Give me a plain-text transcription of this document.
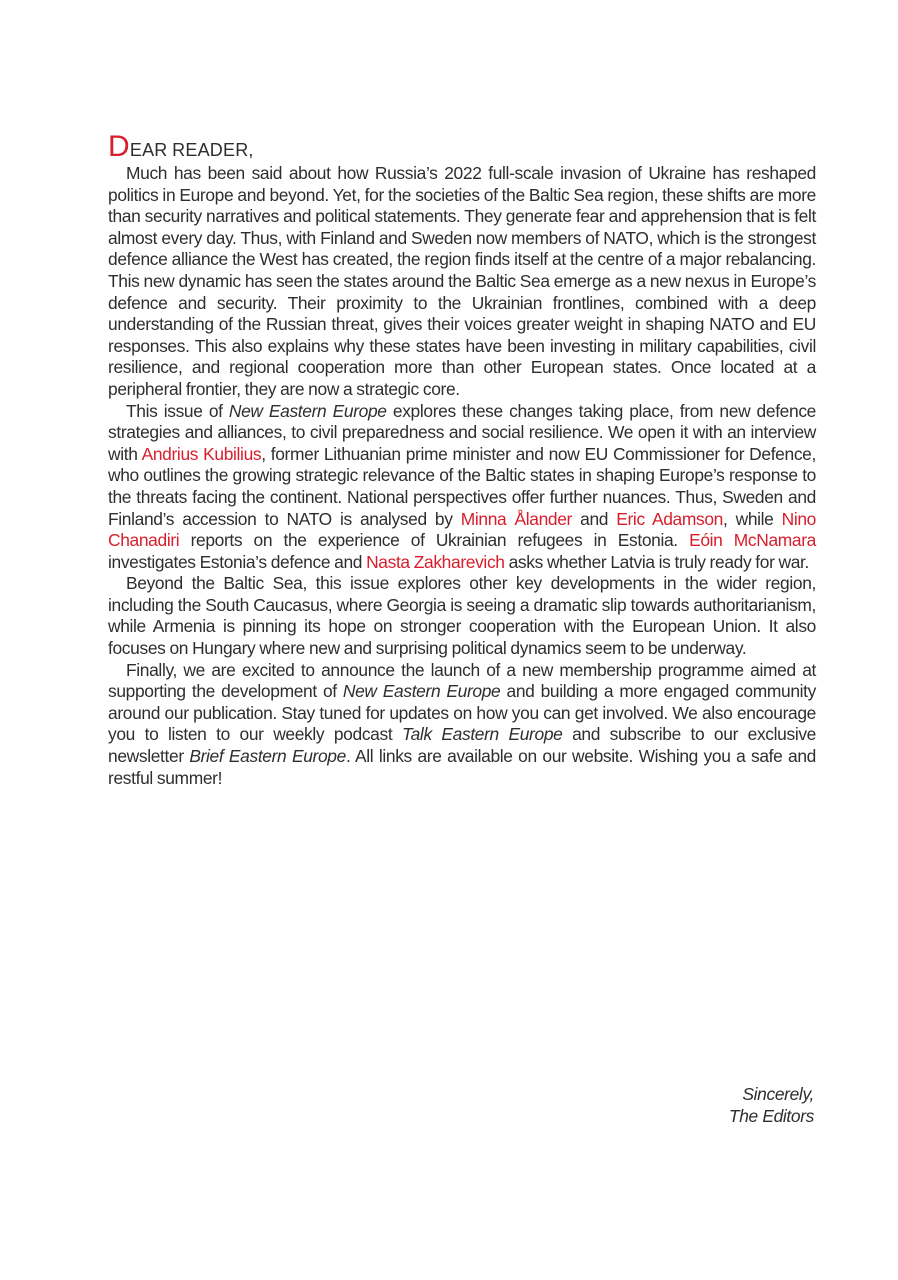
DEAR READER,

Much has been said about how Russia’s 2022 full-scale invasion of Ukraine has reshaped politics in Europe and beyond. Yet, for the societies of the Baltic Sea region, these shifts are more than security narratives and political statements. They generate fear and apprehension that is felt almost every day. Thus, with Finland and Sweden now members of NATO, which is the strongest defence alliance the West has created, the region finds itself at the centre of a major rebalancing. This new dynamic has seen the states around the Baltic Sea emerge as a new nexus in Europe’s defence and security. Their proximity to the Ukrainian frontlines, combined with a deep understanding of the Russian threat, gives their voices greater weight in shaping NATO and EU responses. This also explains why these states have been investing in military capabilities, civil resilience, and regional cooperation more than other European states. Once located at a peripheral frontier, they are now a strategic core.

This issue of New Eastern Europe explores these changes taking place, from new defence strategies and alliances, to civil preparedness and social resilience. We open it with an interview with Andrius Kubilius, former Lithuanian prime minister and now EU Commissioner for Defence, who outlines the growing strategic relevance of the Baltic states in shaping Europe’s response to the threats facing the continent. National perspectives offer further nuances. Thus, Sweden and Finland’s accession to NATO is analysed by Minna Ålander and Eric Adamson, while Nino Chanadiri reports on the experience of Ukrainian refugees in Estonia. Eóin McNamara investigates Estonia’s defence and Nasta Zakharevich asks whether Latvia is truly ready for war.

Beyond the Baltic Sea, this issue explores other key developments in the wider region, including the South Caucasus, where Georgia is seeing a dramatic slip towards authoritarianism, while Armenia is pinning its hope on stronger cooperation with the European Union. It also focuses on Hungary where new and surprising political dynamics seem to be underway.

Finally, we are excited to announce the launch of a new membership programme aimed at supporting the development of New Eastern Europe and building a more engaged community around our publication. Stay tuned for updates on how you can get involved. We also encourage you to listen to our weekly podcast Talk Eastern Europe and subscribe to our exclusive newsletter Brief Eastern Europe. All links are available on our website. Wishing you a safe and restful summer!

Sincerely,
The Editors
